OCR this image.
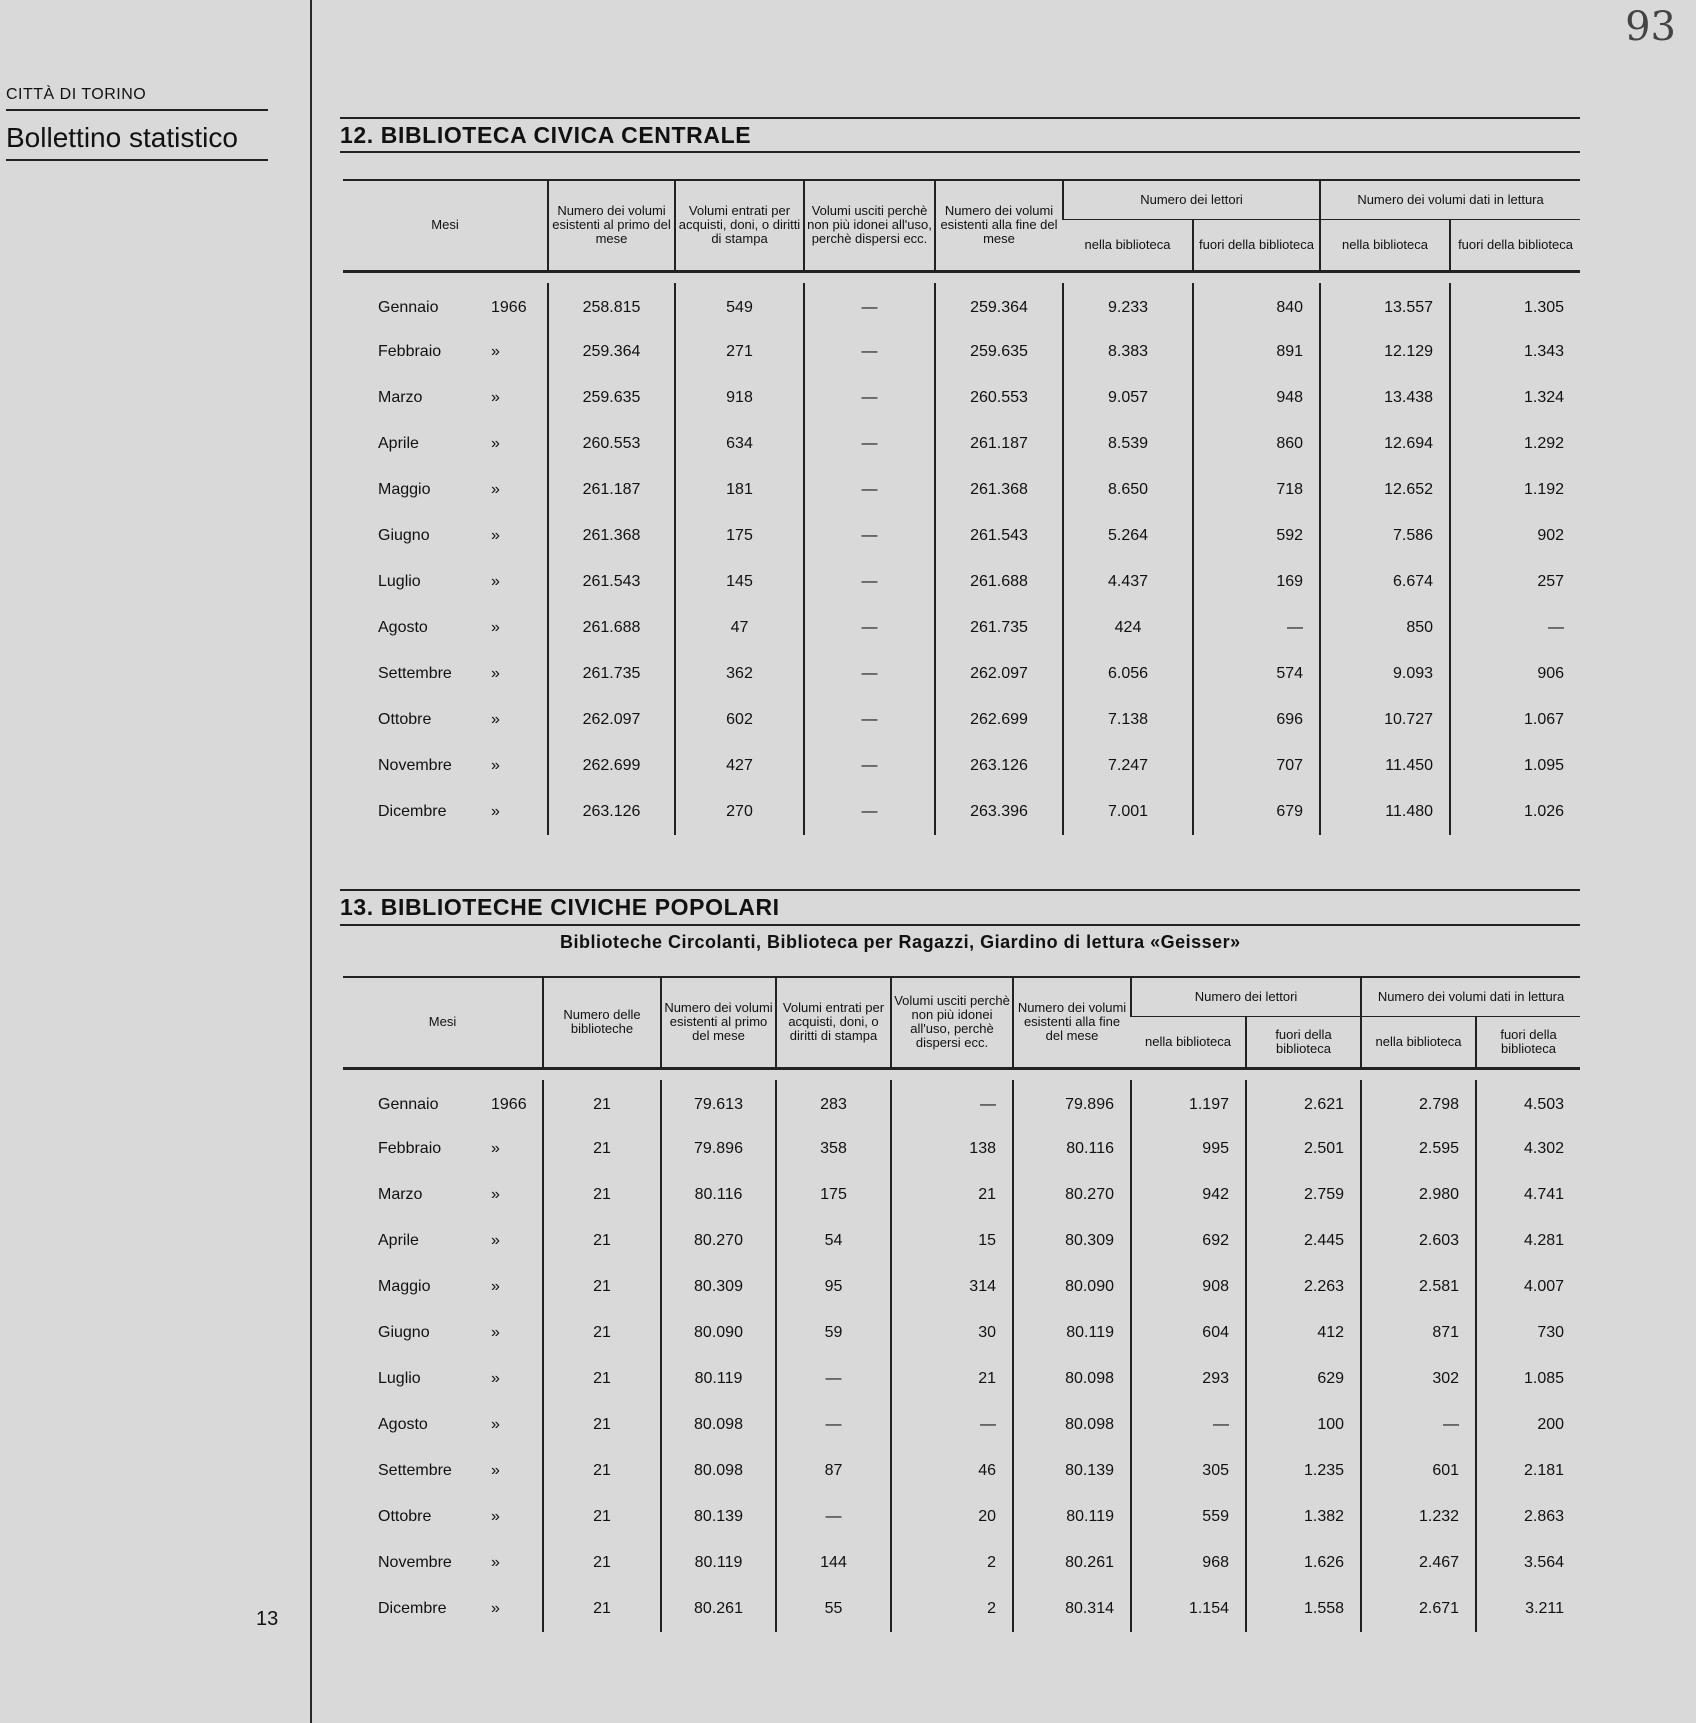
93
CITTÀ DI TORINO
Bollettino statistico
13
12. BIBLIOTECA CIVICA CENTRALE
Mesi	Numero dei volumi esistenti al primo del mese	Volumi entrati per acquisti, doni, o diritti di stampa	Volumi usciti perchè non più idonei all'uso, perchè dispersi ecc.	Numero dei volumi esistenti alla fine del mese	Numero dei lettori		Numero dei volumi dati in lettura	
					nella biblioteca	fuori della biblioteca	nella biblioteca	fuori della biblioteca

Gennaio 1966	258.815	549	—	259.364	9.233	840	13.557	1.305
Febbraio »	259.364	271	—	259.635	8.383	891	12.129	1.343
Marzo »	259.635	918	—	260.553	9.057	948	13.438	1.324
Aprile »	260.553	634	—	261.187	8.539	860	12.694	1.292
Maggio »	261.187	181	—	261.368	8.650	718	12.652	1.192
Giugno »	261.368	175	—	261.543	5.264	592	7.586	902
Luglio »	261.543	145	—	261.688	4.437	169	6.674	257
Agosto »	261.688	47	—	261.735	424	—	850	—
Settembre »	261.735	362	—	262.097	6.056	574	9.093	906
Ottobre »	262.097	602	—	262.699	7.138	696	10.727	1.067
Novembre »	262.699	427	—	263.126	7.247	707	11.450	1.095
Dicembre »	263.126	270	—	263.396	7.001	679	11.480	1.026
13. BIBLIOTECHE CIVICHE POPOLARI
Biblioteche Circolanti, Biblioteca per Ragazzi, Giardino di lettura «Geisser»
Mesi	Numero delle biblioteche	Numero dei volumi esistenti al primo del mese	Volumi entrati per acquisti, doni, o diritti di stampa	Volumi usciti perchè non più idonei all'uso, perchè dispersi ecc.	Numero dei volumi esistenti alla fine del mese	Numero dei lettori		Numero dei volumi dati in lettura	
						nella biblioteca	fuori della biblioteca	nella biblioteca	fuori della biblioteca

Gennaio 1966	21	79.613	283	—	79.896	1.197	2.621	2.798	4.503
Febbraio »	21	79.896	358	138	80.116	995	2.501	2.595	4.302
Marzo »	21	80.116	175	21	80.270	942	2.759	2.980	4.741
Aprile »	21	80.270	54	15	80.309	692	2.445	2.603	4.281
Maggio »	21	80.309	95	314	80.090	908	2.263	2.581	4.007
Giugno »	21	80.090	59	30	80.119	604	412	871	730
Luglio »	21	80.119	—	21	80.098	293	629	302	1.085
Agosto »	21	80.098	—	—	80.098	—	100	—	200
Settembre »	21	80.098	87	46	80.139	305	1.235	601	2.181
Ottobre »	21	80.139	—	20	80.119	559	1.382	1.232	2.863
Novembre »	21	80.119	144	2	80.261	968	1.626	2.467	3.564
Dicembre »	21	80.261	55	2	80.314	1.154	1.558	2.671	3.211
